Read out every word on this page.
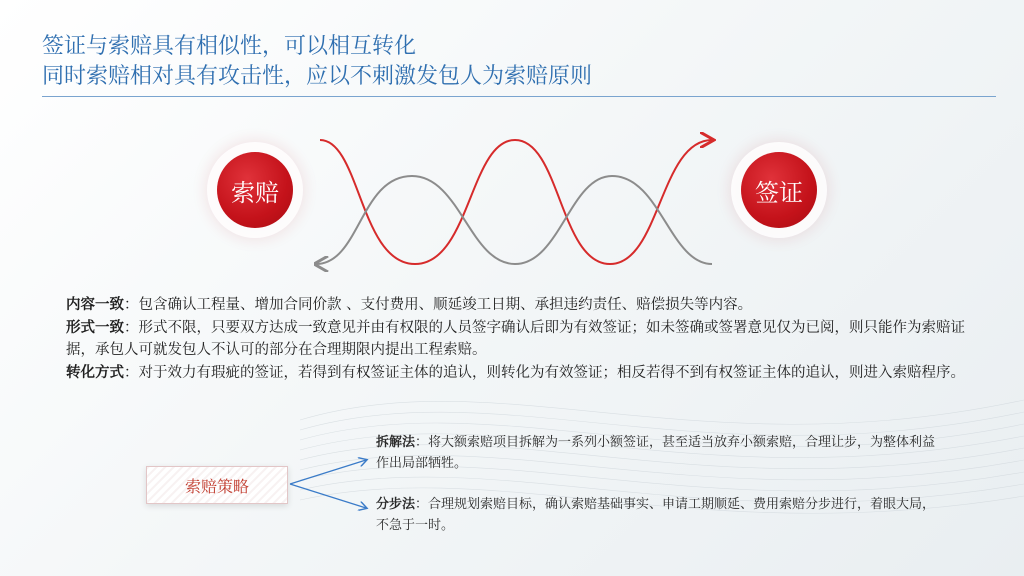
签证与索赔具有相似性，可以相互转化
同时索赔相对具有攻击性，应以不刺激发包人为索赔原则
索赔	签证

内容一致：包含确认工程量、增加合同价款 、支付费用、顺延竣工日期、承担违约责任、赔偿损失等内容。

形式一致：形式不限，只要双方达成一致意见并由有权限的人员签字确认后即为有效签证；如未签确或签署意见仅为已阅，则只能作为索赔证据，承包人可就发包人不认可的部分在合理期限内提出工程索赔。

转化方式：对于效力有瑕疵的签证，若得到有权签证主体的追认，则转化为有效签证；相反若得不到有权签证主体的追认，则进入索赔程序。

索赔策略

拆解法：将大额索赔项目拆解为一系列小额签证，甚至适当放弃小额索赔，合理让步，为整体利益作出局部牺牲。

分步法：合理规划索赔目标，确认索赔基础事实、申请工期顺延、费用索赔分步进行，着眼大局，不急于一时。
